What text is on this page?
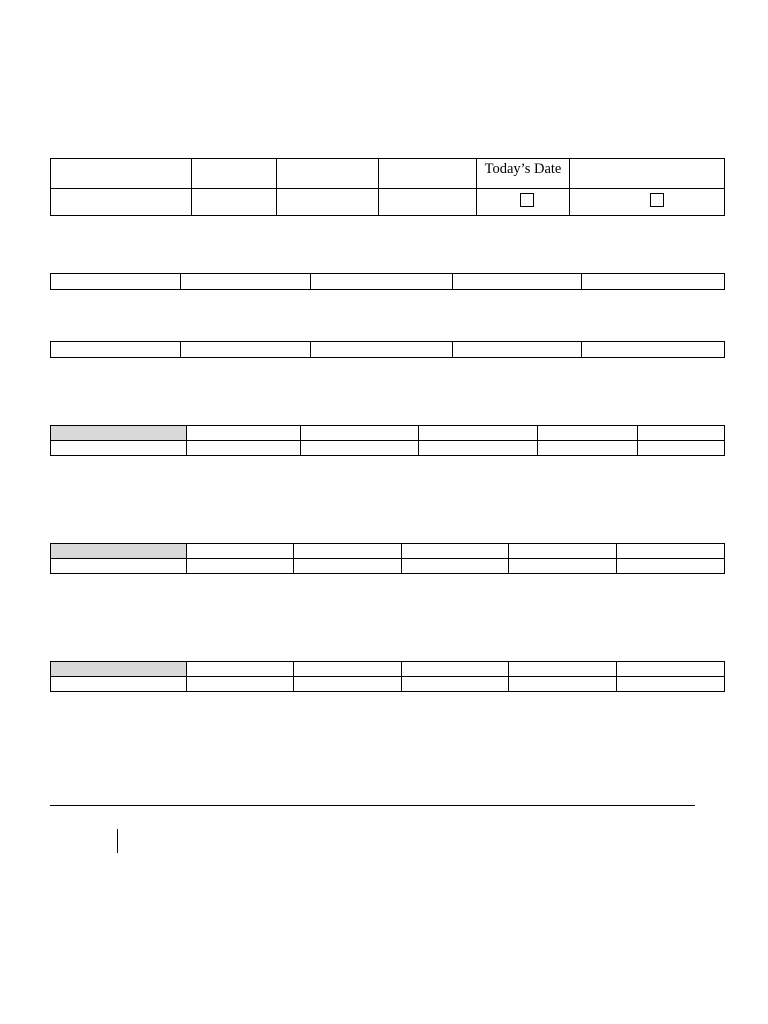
				Today’s Date	
